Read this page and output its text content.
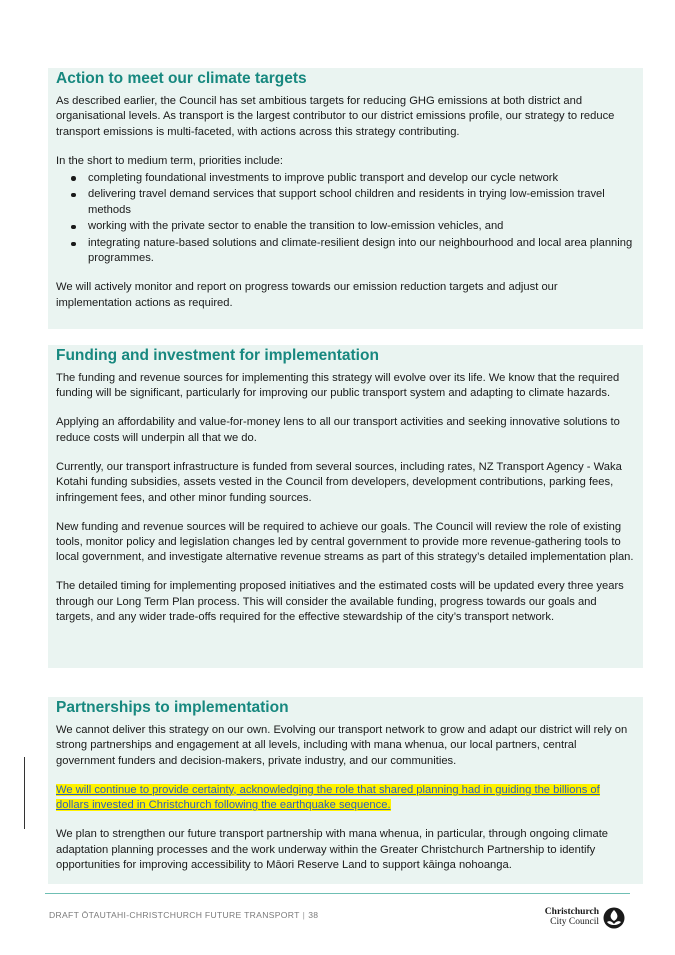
Action to meet our climate targets

As described earlier, the Council has set ambitious targets for reducing GHG emissions at both district and organisational levels. As transport is the largest contributor to our district emissions profile, our strategy to reduce transport emissions is multi-faceted, with actions across this strategy contributing.

In the short to medium term, priorities include:

completing foundational investments to improve public transport and develop our cycle network
delivering travel demand services that support school children and residents in trying low-emission travel methods
working with the private sector to enable the transition to low-emission vehicles, and
integrating nature-based solutions and climate-resilient design into our neighbourhood and local area planning programmes.

We will actively monitor and report on progress towards our emission reduction targets and adjust our implementation actions as required.

Funding and investment for implementation

The funding and revenue sources for implementing this strategy will evolve over its life. We know that the required funding will be significant, particularly for improving our public transport system and adapting to climate hazards.

Applying an affordability and value-for-money lens to all our transport activities and seeking innovative solutions to reduce costs will underpin all that we do.

Currently, our transport infrastructure is funded from several sources, including rates, NZ Transport Agency - Waka Kotahi funding subsidies, assets vested in the Council from developers, development contributions, parking fees, infringement fees, and other minor funding sources.

New funding and revenue sources will be required to achieve our goals. The Council will review the role of existing tools, monitor policy and legislation changes led by central government to provide more revenue-gathering tools to local government, and investigate alternative revenue streams as part of this strategy’s detailed implementation plan.

The detailed timing for implementing proposed initiatives and the estimated costs will be updated every three years through our Long Term Plan process. This will consider the available funding, progress towards our goals and targets, and any wider trade-offs required for the effective stewardship of the city’s transport network.

Partnerships to implementation

We cannot deliver this strategy on our own. Evolving our transport network to grow and adapt our district will rely on strong partnerships and engagement at all levels, including with mana whenua, our local partners, central government funders and decision-makers, private industry, and our communities.

We will continue to provide certainty, acknowledging the role that shared planning had in guiding the billions of dollars invested in Christchurch following the earthquake sequence.

We plan to strengthen our future transport partnership with mana whenua, in particular, through ongoing climate adaptation planning processes and the work underway within the Greater Christchurch Partnership to identify opportunities for improving accessibility to Māori Reserve Land to support kāinga nohoanga.

DRAFT ŌTAUTAHI-CHRISTCHURCH FUTURE TRANSPORT | 38	Christchurch
City Council
